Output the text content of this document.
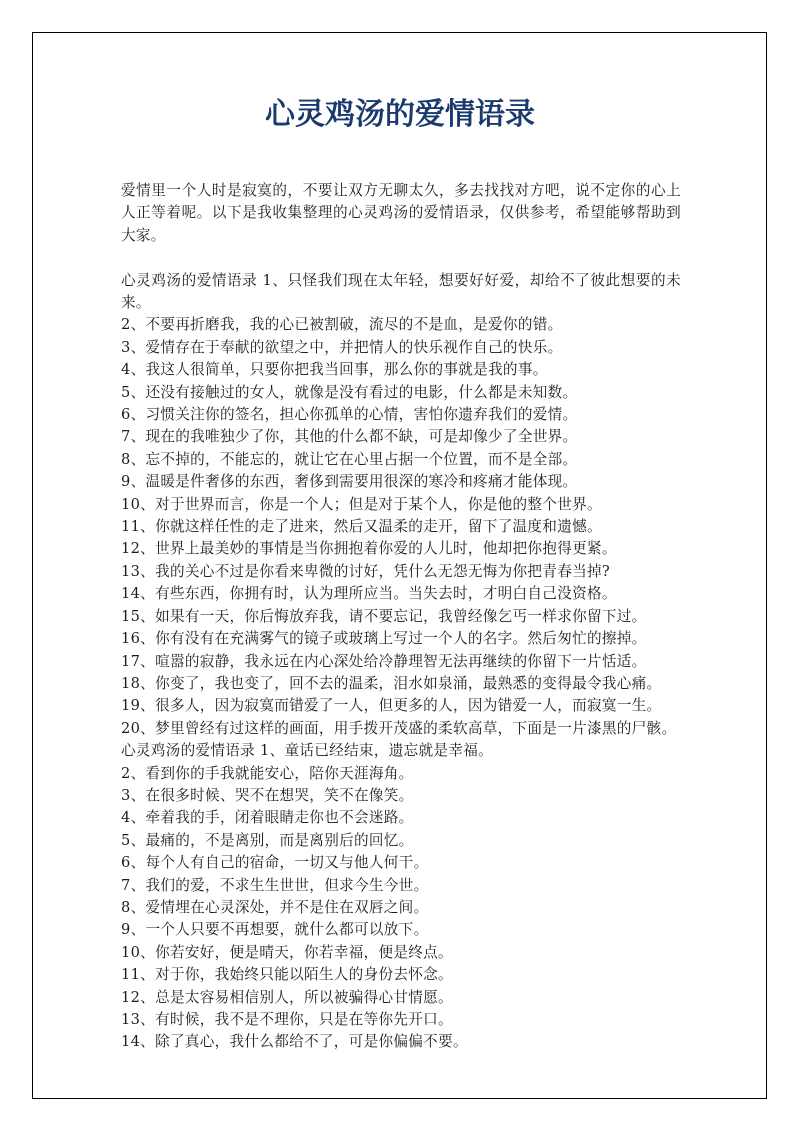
心灵鸡汤的爱情语录

爱情里一个人时是寂寞的，不要让双方无聊太久，多去找找对方吧，说不定你的心上人正等着呢。以下是我收集整理的心灵鸡汤的爱情语录，仅供参考，希望能够帮助到大家。

心灵鸡汤的爱情语录 1、只怪我们现在太年轻，想要好好爱，却给不了彼此想要的未来。

2、不要再折磨我，我的心已被割破，流尽的不是血，是爱你的错。

3、爱情存在于奉献的欲望之中，并把情人的快乐视作自己的快乐。

4、我这人很简单，只要你把我当回事，那么你的事就是我的事。

5、还没有接触过的女人，就像是没有看过的电影，什么都是未知数。

6、习惯关注你的签名，担心你孤单的心情，害怕你遗弃我们的爱情。

7、现在的我唯独少了你，其他的什么都不缺，可是却像少了全世界。

8、忘不掉的，不能忘的，就让它在心里占据一个位置，而不是全部。

9、温暖是件奢侈的东西，奢侈到需要用很深的寒冷和疼痛才能体现。

10、对于世界而言，你是一个人；但是对于某个人，你是他的整个世界。

11、你就这样任性的走了进来，然后又温柔的走开，留下了温度和遗憾。

12、世界上最美妙的事情是当你拥抱着你爱的人儿时，他却把你抱得更紧。

13、我的关心不过是你看来卑微的讨好，凭什么无怨无悔为你把青春当掉?

14、有些东西，你拥有时，认为理所应当。当失去时，才明白自己没资格。

15、如果有一天，你后悔放弃我，请不要忘记，我曾经像乞丐一样求你留下过。

16、你有没有在充满雾气的镜子或玻璃上写过一个人的名字。然后匆忙的擦掉。

17、喧嚣的寂静，我永远在内心深处给冷静理智无法再继续的你留下一片恬适。

18、你变了，我也变了，回不去的温柔，泪水如泉涌，最熟悉的变得最令我心痛。

19、很多人，因为寂寞而错爱了一人，但更多的人，因为错爱一人，而寂寞一生。

20、梦里曾经有过这样的画面，用手拨开茂盛的柔软高草，下面是一片漆黑的尸骸。

心灵鸡汤的爱情语录 1、童话已经结束，遗忘就是幸福。

2、看到你的手我就能安心，陪你天涯海角。

3、在很多时候、哭不在想哭，笑不在像笑。

4、牵着我的手，闭着眼睛走你也不会迷路。

5、最痛的，不是离别，而是离别后的回忆。

6、每个人有自己的宿命，一切又与他人何干。

7、我们的爱，不求生生世世，但求今生今世。

8、爱情埋在心灵深处，并不是住在双唇之间。

9、一个人只要不再想要，就什么都可以放下。

10、你若安好，便是晴天，你若幸福，便是终点。

11、对于你，我始终只能以陌生人的身份去怀念。

12、总是太容易相信别人，所以被骗得心甘情愿。

13、有时候，我不是不理你，只是在等你先开口。

14、除了真心，我什么都给不了，可是你偏偏不要。
